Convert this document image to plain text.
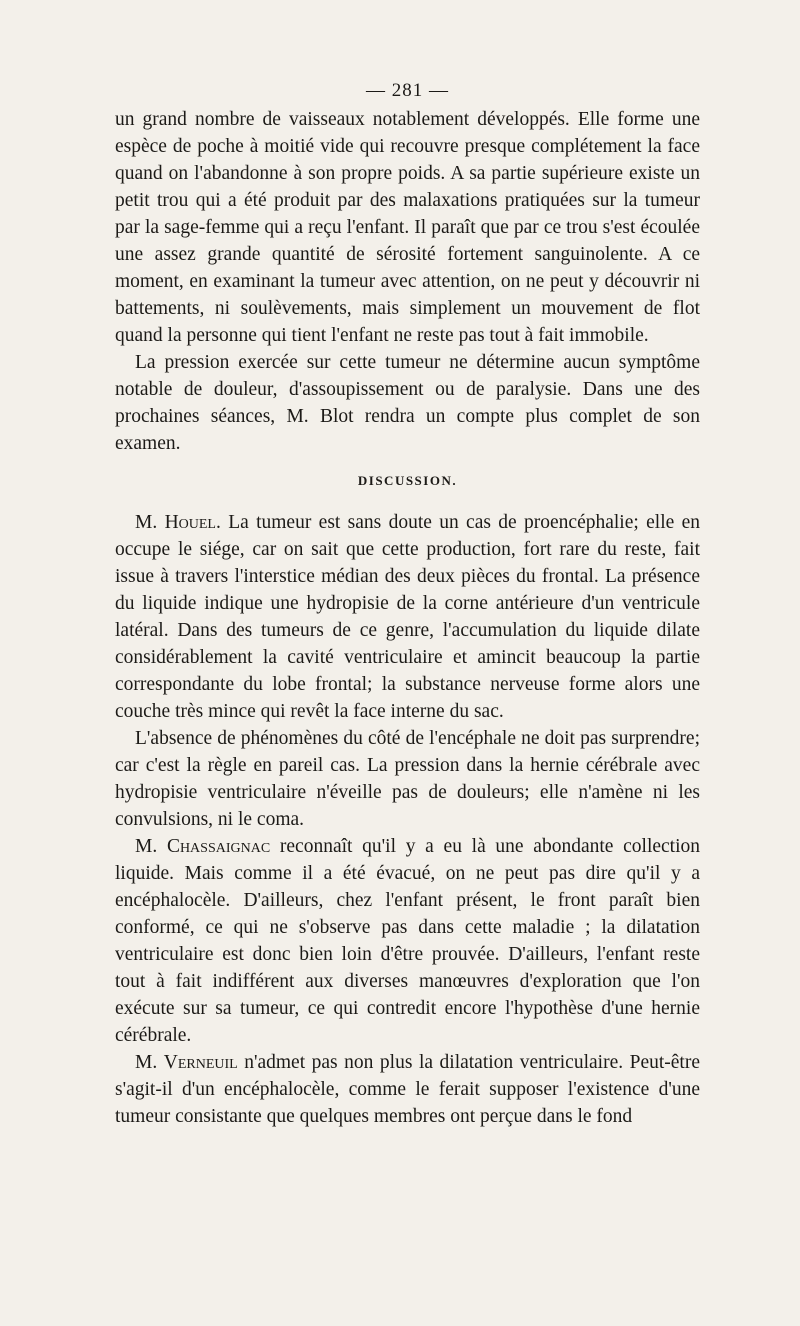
— 281 —

un grand nombre de vaisseaux notablement développés. Elle forme une espèce de poche à moitié vide qui recouvre presque complétement la face quand on l'abandonne à son propre poids. A sa partie supérieure existe un petit trou qui a été produit par des malaxations pratiquées sur la tumeur par la sage-femme qui a reçu l'enfant. Il paraît que par ce trou s'est écoulée une assez grande quantité de sérosité fortement sanguinolente. A ce moment, en examinant la tumeur avec attention, on ne peut y découvrir ni battements, ni soulèvements, mais simplement un mouvement de flot quand la personne qui tient l'enfant ne reste pas tout à fait immobile.

La pression exercée sur cette tumeur ne détermine aucun symptôme notable de douleur, d'assoupissement ou de paralysie. Dans une des prochaines séances, M. Blot rendra un compte plus complet de son examen.

DISCUSSION.

M. Houel. La tumeur est sans doute un cas de proencéphalie; elle en occupe le siége, car on sait que cette production, fort rare du reste, fait issue à travers l'interstice médian des deux pièces du frontal. La présence du liquide indique une hydropisie de la corne antérieure d'un ventricule latéral. Dans des tumeurs de ce genre, l'accumulation du liquide dilate considérablement la cavité ventriculaire et amincit beaucoup la partie correspondante du lobe frontal; la substance nerveuse forme alors une couche très mince qui revêt la face interne du sac.

L'absence de phénomènes du côté de l'encéphale ne doit pas surprendre; car c'est la règle en pareil cas. La pression dans la hernie cérébrale avec hydropisie ventriculaire n'éveille pas de douleurs; elle n'amène ni les convulsions, ni le coma.

M. Chassaignac reconnaît qu'il y a eu là une abondante collection liquide. Mais comme il a été évacué, on ne peut pas dire qu'il y a encéphalocèle. D'ailleurs, chez l'enfant présent, le front paraît bien conformé, ce qui ne s'observe pas dans cette maladie ; la dilatation ventriculaire est donc bien loin d'être prouvée. D'ailleurs, l'enfant reste tout à fait indifférent aux diverses manœuvres d'exploration que l'on exécute sur sa tumeur, ce qui contredit encore l'hypothèse d'une hernie cérébrale.

M. Verneuil n'admet pas non plus la dilatation ventriculaire. Peut-être s'agit-il d'un encéphalocèle, comme le ferait supposer l'existence d'une tumeur consistante que quelques membres ont perçue dans le fond
